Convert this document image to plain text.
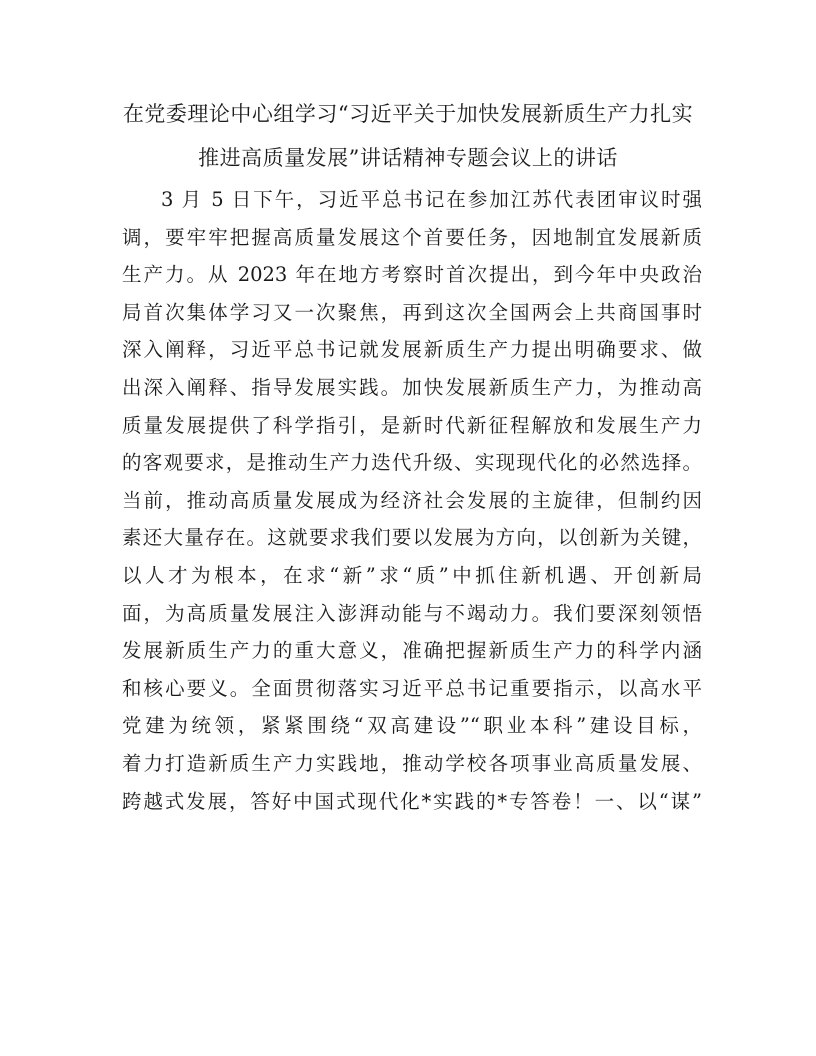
在党委理论中心组学习“习近平关于加快发展新质生产力扎实
推进高质量发展”讲话精神专题会议上的讲话
3 月 5 日下午，习近平总书记在参加江苏代表团审议时强
调，要牢牢把握高质量发展这个首要任务，因地制宜发展新质
生产力。从 2023 年在地方考察时首次提出，到今年中央政治
局首次集体学习又一次聚焦，再到这次全国两会上共商国事时
深入阐释，习近平总书记就发展新质生产力提出明确要求、做
出深入阐释、指导发展实践。加快发展新质生产力，为推动高
质量发展提供了科学指引，是新时代新征程解放和发展生产力
的客观要求，是推动生产力迭代升级、实现现代化的必然选择。
当前，推动高质量发展成为经济社会发展的主旋律，但制约因
素还大量存在。这就要求我们要以发展为方向，以创新为关键，
以人才为根本，在求“新”求“质”中抓住新机遇、开创新局
面，为高质量发展注入澎湃动能与不竭动力。我们要深刻领悟
发展新质生产力的重大意义，准确把握新质生产力的科学内涵
和核心要义。全面贯彻落实习近平总书记重要指示，以高水平
党建为统领，紧紧围绕“双高建设”“职业本科”建设目标，
着力打造新质生产力实践地，推动学校各项事业高质量发展、
跨越式发展，答好中国式现代化*实践的*专答卷！一、以“谋”
